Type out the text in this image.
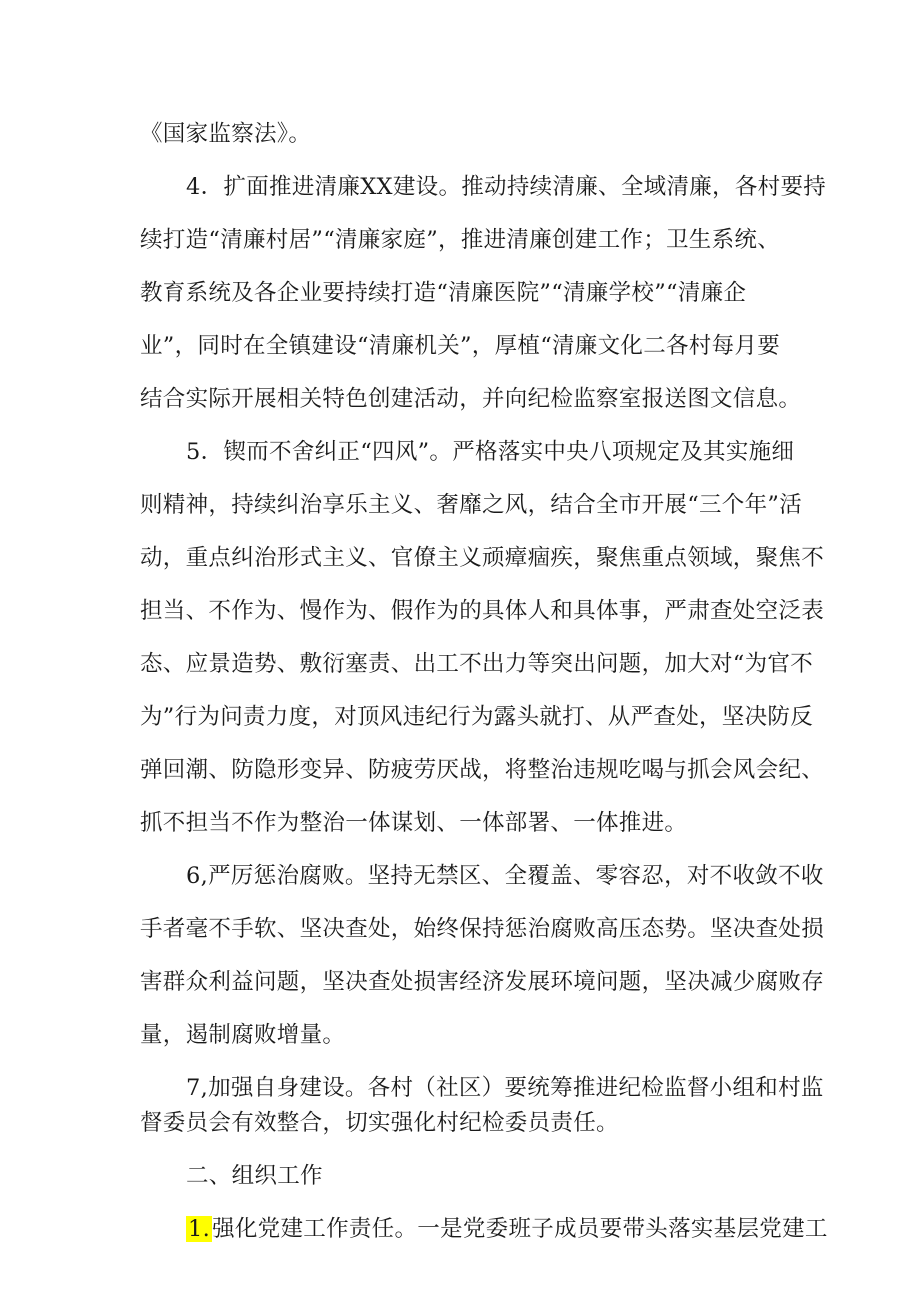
《国家监察法》。
4．扩面推进清廉XX建设。推动持续清廉、全域清廉，各村要持
续打造“清廉村居”“清廉家庭”，推进清廉创建工作；卫生系统、
教育系统及各企业要持续打造“清廉医院”“清廉学校”“清廉企
业”，同时在全镇建设“清廉机关”，厚植“清廉文化二各村每月要
结合实际开展相关特色创建活动，并向纪检监察室报送图文信息。
5．锲而不舍纠正“四风”。严格落实中央八项规定及其实施细
则精神，持续纠治享乐主义、奢靡之风，结合全市开展“三个年”活
动，重点纠治形式主义、官僚主义顽瘴痼疾，聚焦重点领域，聚焦不
担当、不作为、慢作为、假作为的具体人和具体事，严肃查处空泛表
态、应景造势、敷衍塞责、出工不出力等突出问题，加大对“为官不
为”行为问责力度，对顶风违纪行为露头就打、从严查处，坚决防反
弹回潮、防隐形变异、防疲劳厌战，将整治违规吃喝与抓会风会纪、
抓不担当不作为整治一体谋划、一体部署、一体推进。
6,严厉惩治腐败。坚持无禁区、全覆盖、零容忍，对不收敛不收
手者毫不手软、坚决查处，始终保持惩治腐败高压态势。坚决查处损
害群众利益问题，坚决查处损害经济发展环境问题，坚决减少腐败存
量，遏制腐败增量。
7,加强自身建设。各村（社区）要统筹推进纪检监督小组和村监
督委员会有效整合，切实强化村纪检委员责任。
二、组织工作
1.强化党建工作责任。一是党委班子成员要带头落实基层党建工
